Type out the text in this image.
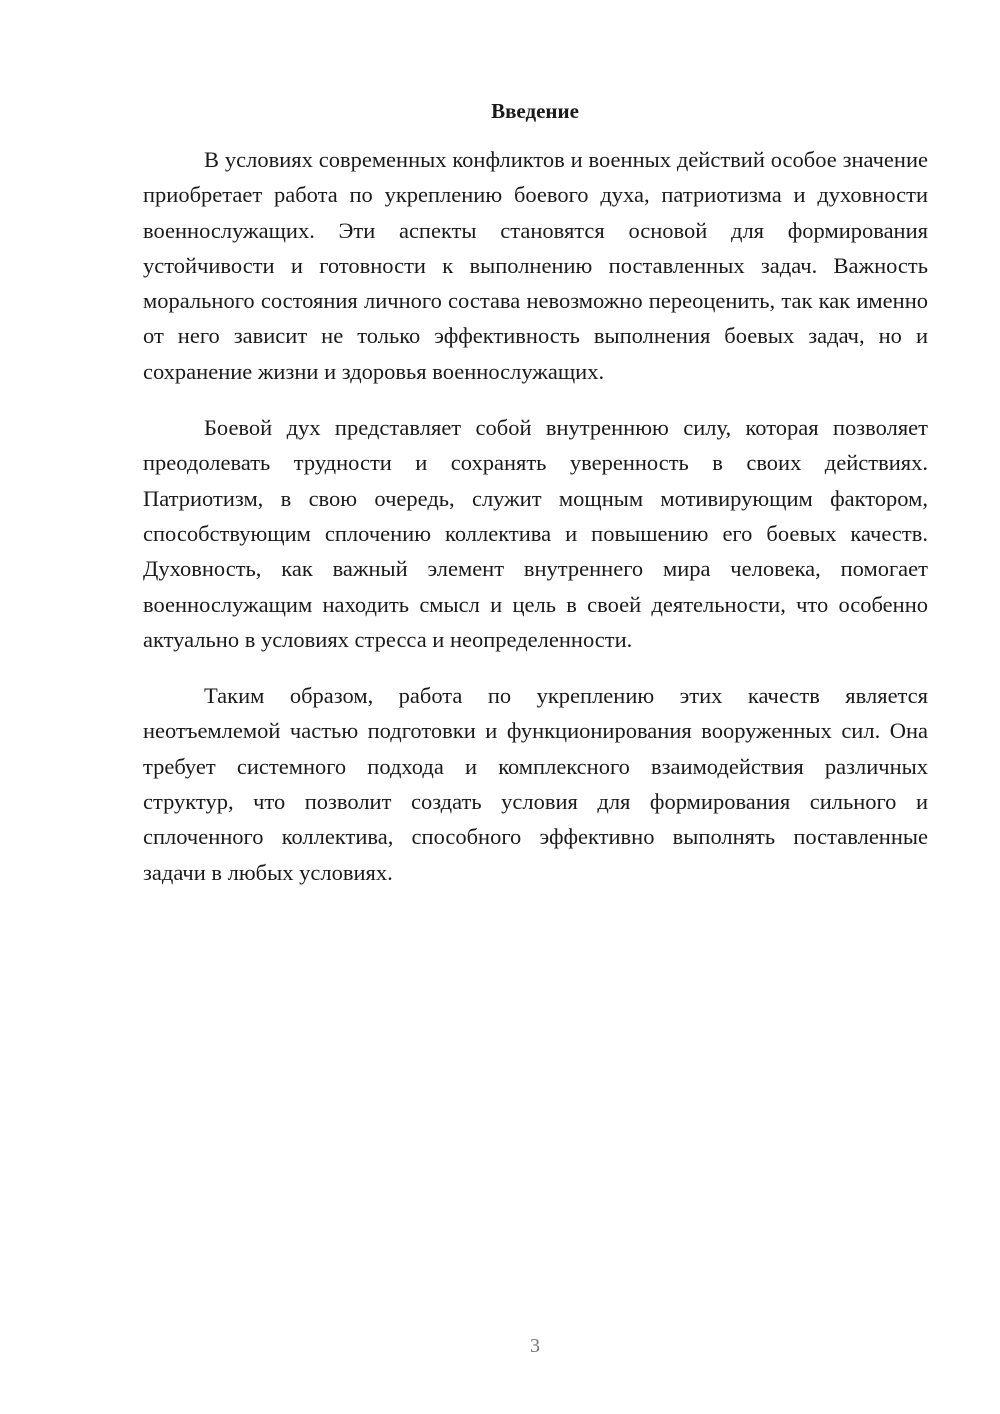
Введение

В условиях современных конфликтов и военных действий особое значение приобретает работа по укреплению боевого духа, патриотизма и духовности военнослужащих. Эти аспекты становятся основой для формирования устойчивости и готовности к выполнению поставленных задач. Важность морального состояния личного состава невозможно переоценить, так как именно от него зависит не только эффективность выполнения боевых задач, но и сохранение жизни и здоровья военнослужащих.

Боевой дух представляет собой внутреннюю силу, которая позволяет преодолевать трудности и сохранять уверенность в своих действиях. Патриотизм, в свою очередь, служит мощным мотивирующим фактором, способствующим сплочению коллектива и повышению его боевых качеств. Духовность, как важный элемент внутреннего мира человека, помогает военнослужащим находить смысл и цель в своей деятельности, что особенно актуально в условиях стресса и неопределенности.

Таким образом, работа по укреплению этих качеств является неотъемлемой частью подготовки и функционирования вооруженных сил. Она требует системного подхода и комплексного взаимодействия различных структур, что позволит создать условия для формирования сильного и сплоченного коллектива, способного эффективно выполнять поставленные задачи в любых условиях.

3
